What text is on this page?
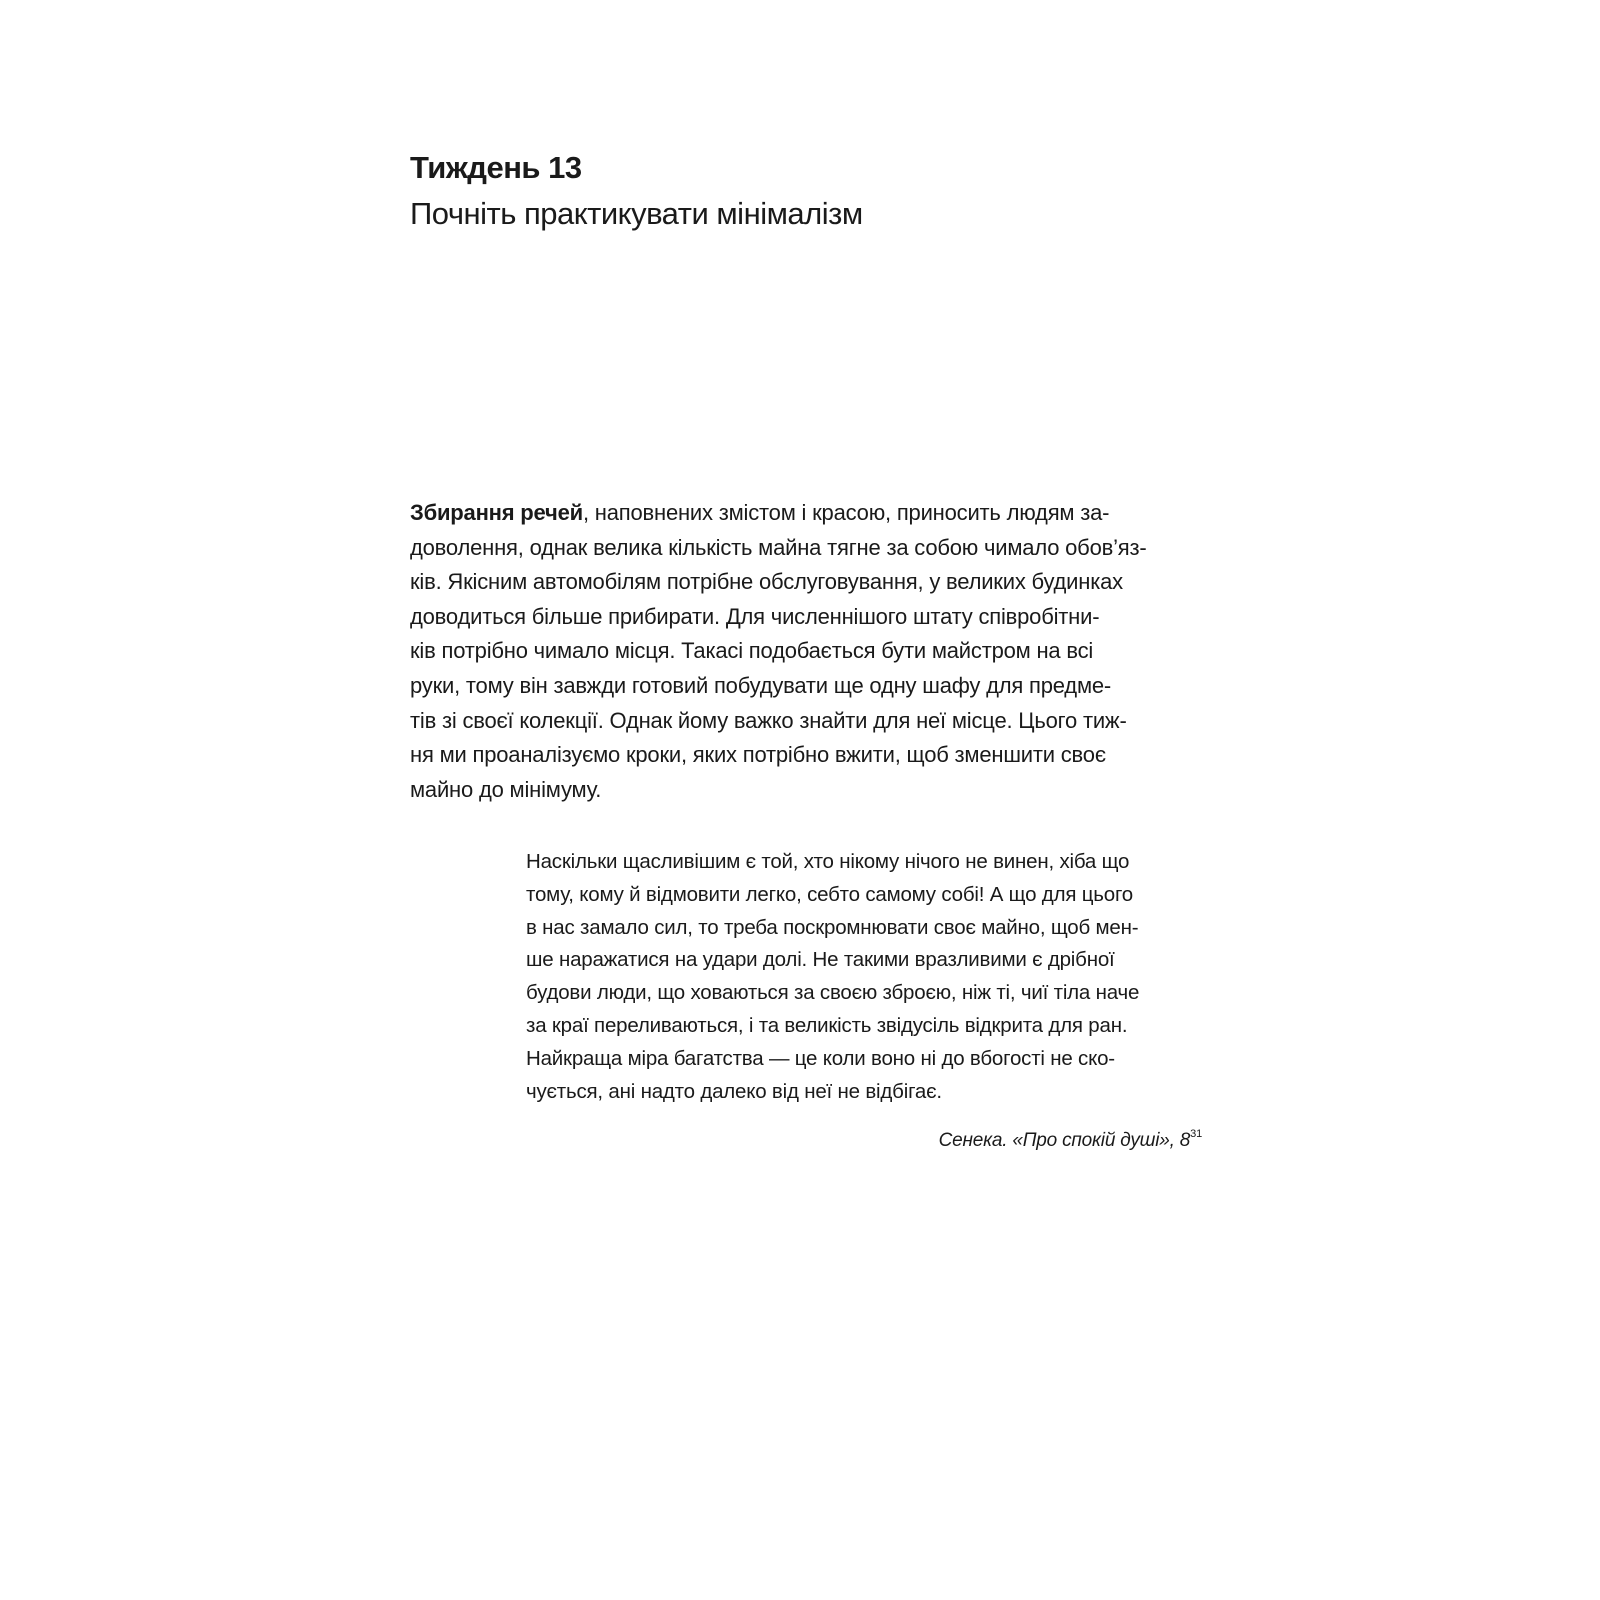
Тиждень 13
Почніть практикувати мінімалізм
Збирання речей, наповнених змістом і красою, приносить людям за-
доволення, однак велика кількість майна тягне за собою чимало обов’яз-
ків. Якісним автомобілям потрібне обслуговування, у великих будинках
доводиться більше прибирати. Для численнішого штату співробітни-
ків потрібно чимало місця. Такасі подобається бути майстром на всі
руки, тому він завжди готовий побудувати ще одну шафу для предме-
тів зі своєї колекції. Однак йому важко знайти для неї місце. Цього тиж-
ня ми проаналізуємо кроки, яких потрібно вжити, щоб зменшити своє
майно до мінімуму.
Наскільки щасливішим є той, хто нікому нічого не винен, хіба що
тому, кому й відмовити легко, себто самому собі! А що для цього
в нас замало сил, то треба поскромнювати своє майно, щоб мен-
ше наражатися на удари долі. Не такими вразливими є дрібної
будови люди, що ховаються за своєю зброєю, ніж ті, чиї тіла наче
за краї переливаються, і та великість звідусіль відкрита для ран.
Найкраща міра багатства — це коли воно ні до вбогості не ско-
чується, ані надто далеко від неї не відбігає.
Сенека. «Про спокій душі», $8^{31}$
